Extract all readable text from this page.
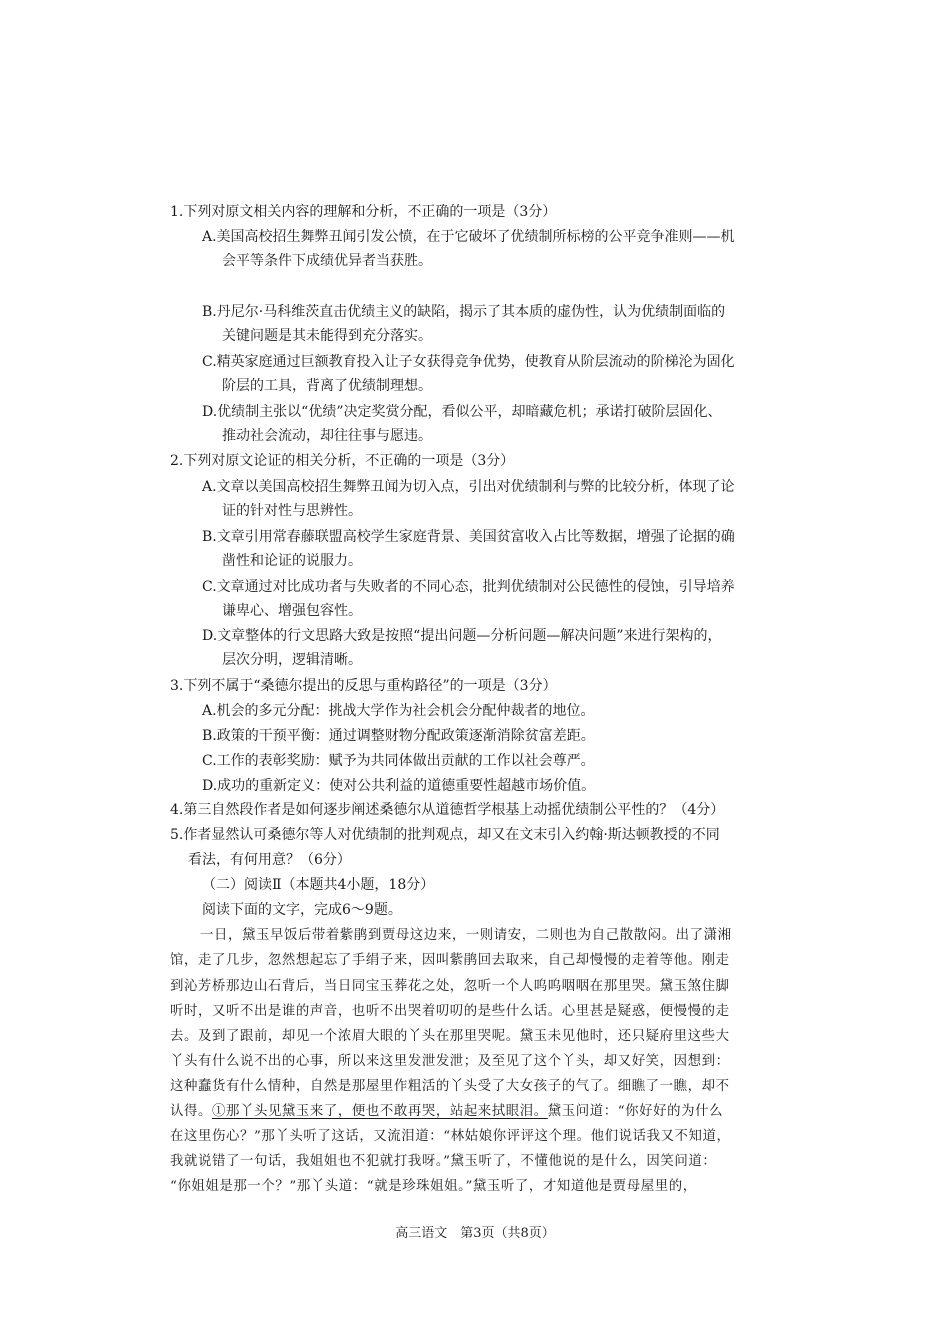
1.下列对原文相关内容的理解和分析，不正确的一项是（3分）
A.美国高校招生舞弊丑闻引发公愤，在于它破坏了优绩制所标榜的公平竞争准则——机
会平等条件下成绩优异者当获胜。
B.丹尼尔·马科维茨直击优绩主义的缺陷，揭示了其本质的虚伪性，认为优绩制面临的
关键问题是其未能得到充分落实。
C.精英家庭通过巨额教育投入让子女获得竞争优势，使教育从阶层流动的阶梯沦为固化
阶层的工具，背离了优绩制理想。
D.优绩制主张以“优绩”决定奖赏分配，看似公平，却暗藏危机；承诺打破阶层固化、
推动社会流动，却往往事与愿违。
2.下列对原文论证的相关分析，不正确的一项是（3分）
A.文章以美国高校招生舞弊丑闻为切入点，引出对优绩制利与弊的比较分析，体现了论
证的针对性与思辨性。
B.文章引用常春藤联盟高校学生家庭背景、美国贫富收入占比等数据，增强了论据的确
凿性和论证的说服力。
C.文章通过对比成功者与失败者的不同心态，批判优绩制对公民德性的侵蚀，引导培养
谦卑心、增强包容性。
D.文章整体的行文思路大致是按照“提出问题—分析问题—解决问题”来进行架构的，
层次分明，逻辑清晰。
3.下列不属于“桑德尔提出的反思与重构路径”的一项是（3分）
A.机会的多元分配：挑战大学作为社会机会分配仲裁者的地位。
B.政策的干预平衡：通过调整财物分配政策逐渐消除贫富差距。
C.工作的表彰奖励：赋予为共同体做出贡献的工作以社会尊严。
D.成功的重新定义：使对公共利益的道德重要性超越市场价值。
4.第三自然段作者是如何逐步阐述桑德尔从道德哲学根基上动摇优绩制公平性的？（4分）
5.作者显然认可桑德尔等人对优绩制的批判观点，却又在文末引入约翰·斯达顿教授的不同
看法，有何用意？（6分）
（二）阅读Ⅱ（本题共4小题，18分）
阅读下面的文字，完成6～9题。
一日，黛玉早饭后带着紫鹃到贾母这边来，一则请安，二则也为自己散散闷。出了潇湘
馆，走了几步，忽然想起忘了手绢子来，因叫紫鹃回去取来，自己却慢慢的走着等他。刚走
到沁芳桥那边山石背后，当日同宝玉葬花之处，忽听一个人呜呜咽咽在那里哭。黛玉煞住脚
听时，又听不出是谁的声音，也听不出哭着叨叨的是些什么话。心里甚是疑惑，便慢慢的走
去。及到了跟前，却见一个浓眉大眼的丫头在那里哭呢。黛玉未见他时，还只疑府里这些大
丫头有什么说不出的心事，所以来这里发泄发泄；及至见了这个丫头，却又好笑，因想到：
这种蠢货有什么情种，自然是那屋里作粗活的丫头受了大女孩子的气了。细瞧了一瞧，却不
认得。①那丫头见黛玉来了，便也不敢再哭，站起来拭眼泪。黛玉问道：“你好好的为什么
在这里伤心？”那丫头听了这话，又流泪道：“林姑娘你评评这个理。他们说话我又不知道，
我就说错了一句话，我姐姐也不犯就打我呀。”黛玉听了，不懂他说的是什么，因笑问道：
“你姐姐是那一个？”那丫头道：“就是珍珠姐姐。”黛玉听了，才知道他是贾母屋里的，
高三语文　第3页（共8页）
